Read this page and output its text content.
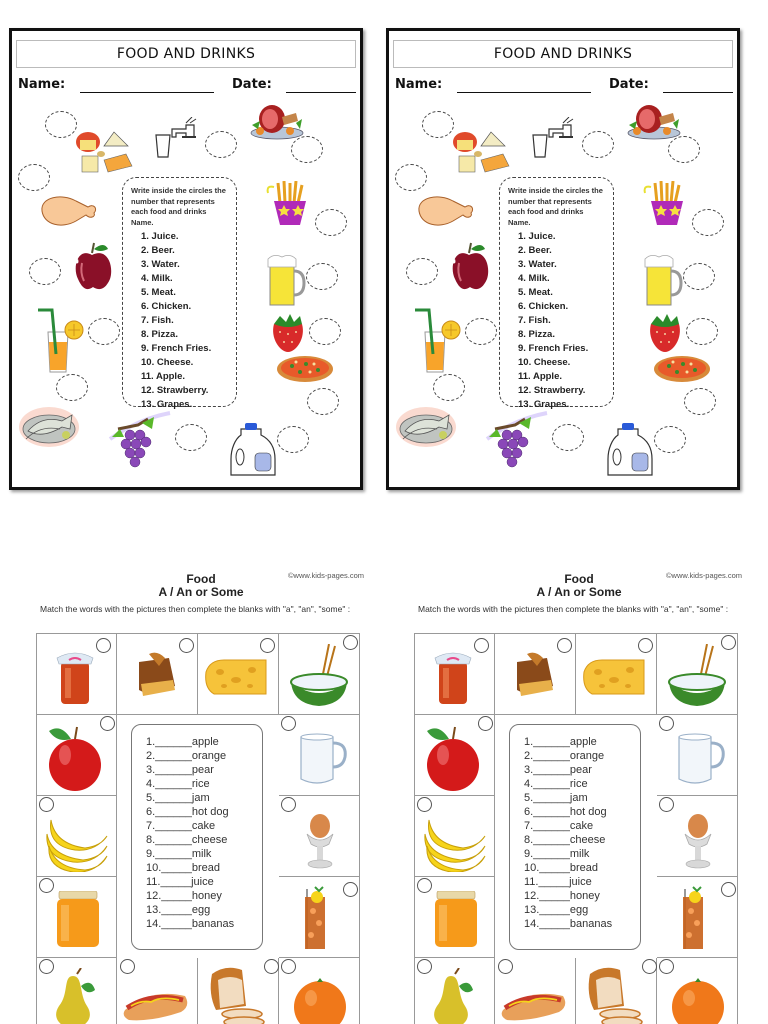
FOOD AND DRINKS
Name:	Date:
Write inside the circles the number that represents each food and drinks Name.
1. Juice.
2. Beer.
3. Water.
4. Milk.
5. Meat.
6. Chicken.
7. Fish.
8. Pizza.
9. French Fries.
10. Cheese.
11. Apple.
12. Strawberry.
13. Grapes.
FOOD AND DRINKS
Name:	Date:
Write inside the circles the number that represents each food and drinks Name.
1. Juice.
2. Beer.
3. Water.
4. Milk.
5. Meat.
6. Chicken.
7. Fish.
8. Pizza.
9. French Fries.
10. Cheese.
11. Apple.
12. Strawberry.
13. Grapes.
©www.kids-pages.com
Food
A / An or Some
Match the words with the pictures then complete the blanks with "a", "an", "some" :
1.______apple
2.______orange
3.______pear
4.______rice
5.______jam
6.______hot dog
7.______cake
8.______cheese
9.______milk
10._____bread
11._____juice
12._____honey
13._____egg
14._____bananas
©www.kids-pages.com
Food
A / An or Some
Match the words with the pictures then complete the blanks with "a", "an", "some" :
1.______apple
2.______orange
3.______pear
4.______rice
5.______jam
6.______hot dog
7.______cake
8.______cheese
9.______milk
10._____bread
11._____juice
12._____honey
13._____egg
14._____bananas
